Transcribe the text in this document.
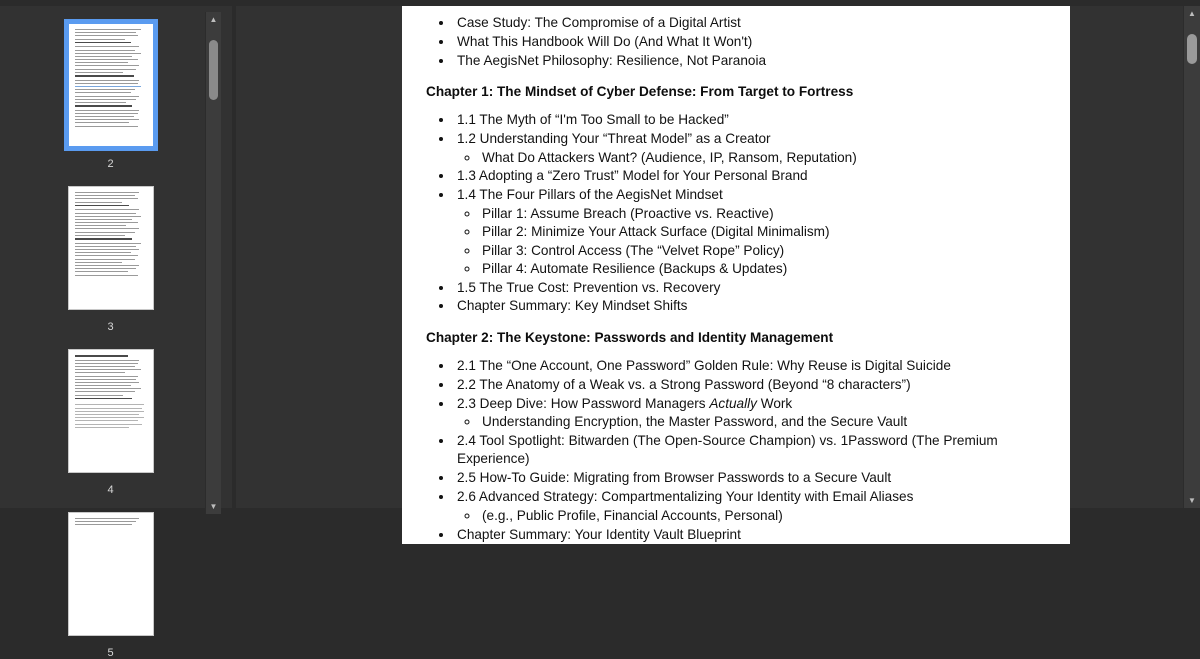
2
3
4
5
▲
▼
• Case Study: The Compromise of a Digital Artist
• What This Handbook Will Do (And What It Won't)
• The AegisNet Philosophy: Resilience, Not Paranoia
Chapter 1: The Mindset of Cyber Defense: From Target to Fortress
• 1.1 The Myth of “I'm Too Small to be Hacked”
• 1.2 Understanding Your “Threat Model” as a Creator
◦ What Do Attackers Want? (Audience, IP, Ransom, Reputation)
• 1.3 Adopting a “Zero Trust” Model for Your Personal Brand
• 1.4 The Four Pillars of the AegisNet Mindset
◦ Pillar 1: Assume Breach (Proactive vs. Reactive)
◦ Pillar 2: Minimize Your Attack Surface (Digital Minimalism)
◦ Pillar 3: Control Access (The “Velvet Rope” Policy)
◦ Pillar 4: Automate Resilience (Backups & Updates)
• 1.5 The True Cost: Prevention vs. Recovery
• Chapter Summary: Key Mindset Shifts
Chapter 2: The Keystone: Passwords and Identity Management
• 2.1 The “One Account, One Password” Golden Rule: Why Reuse is Digital Suicide
• 2.2 The Anatomy of a Weak vs. a Strong Password (Beyond “8 characters”)
• 2.3 Deep Dive: How Password Managers Actually Work
◦ Understanding Encryption, the Master Password, and the Secure Vault
• 2.4 Tool Spotlight: Bitwarden (The Open-Source Champion) vs. 1Password (The Premium Experience)
• 2.5 How-To Guide: Migrating from Browser Passwords to a Secure Vault
• 2.6 Advanced Strategy: Compartmentalizing Your Identity with Email Aliases
◦ (e.g., Public Profile, Financial Accounts, Personal)
• Chapter Summary: Your Identity Vault Blueprint
▲
▼
